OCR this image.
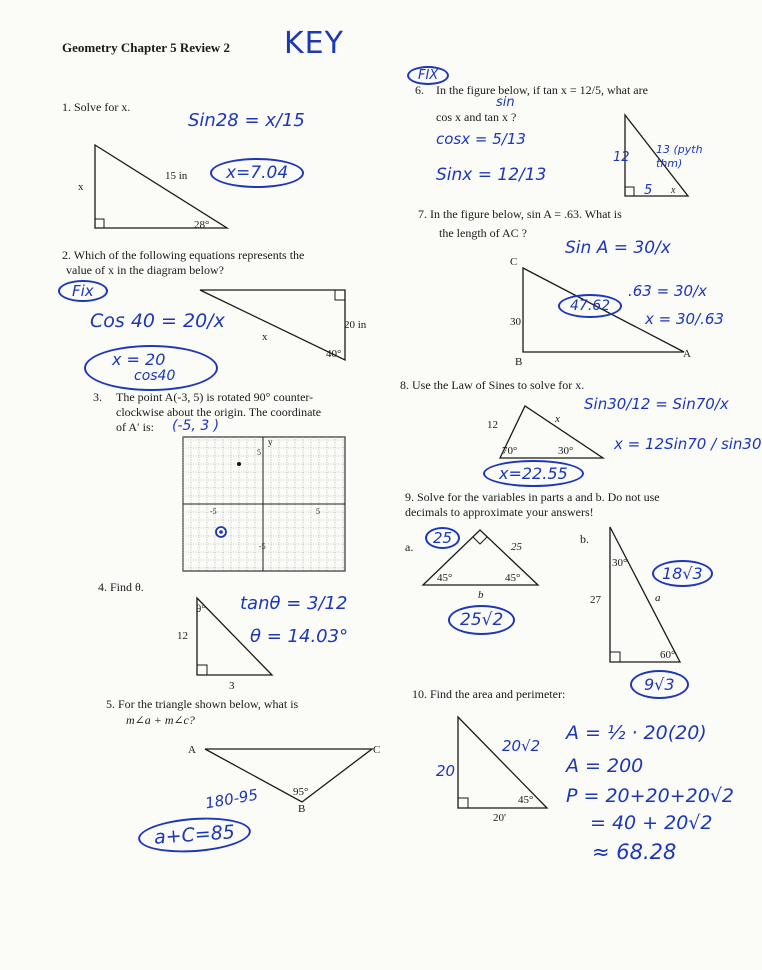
Geometry Chapter 5 Review 2 KEY
1. Solve for x.
Sin28 = x/15
x
15 in
28°
x=7.04
2. Which of the following equations represents the
value of x in the diagram below?
Fix
Cos 40 = 20/x
x
20 in
40°
x = 20
cos40
3. The point A(-3, 5) is rotated 90° counter-
clockwise about the origin. The coordinate
of A′ is: (-5, 3 )
y
5
-5
-5
5
4. Find θ.
θ°
12
3
tanθ = 3/12
θ = 14.03°
5. For the triangle shown below, what is
m∠a + m∠c?
A	C
B
95°
180-95
a+C=85
FIX
6. In the figure below, if tan x = 12/5, what are
cos x and tan x ?
sin
cosx = 5/13
Sinx = 12/13
12
5 x
13 (pyth thm)
7. In the figure below, sin A = .63. What is
the length of AC ?
C
30
B
A
Sin A = 30/x
.63 = 30/x
x = 30/.63
47.62
8. Use the Law of Sines to solve for x.
12	x
70°	30°
Sin30/12 = Sin70/x
x = 12Sin70 / sin30
x=22.55
9. Solve for the variables in parts a and b. Do not use
decimals to approximate your answers!
a.	25	25
45°	45°
b
25√2
b.
30°
27	a
60°
18√3
9√3
10. Find the area and perimeter:
20
20√2
45°
20'
A = ½ · 20(20)
A = 200
P = 20+20+20√2
= 40 + 20√2
≈ 68.28
